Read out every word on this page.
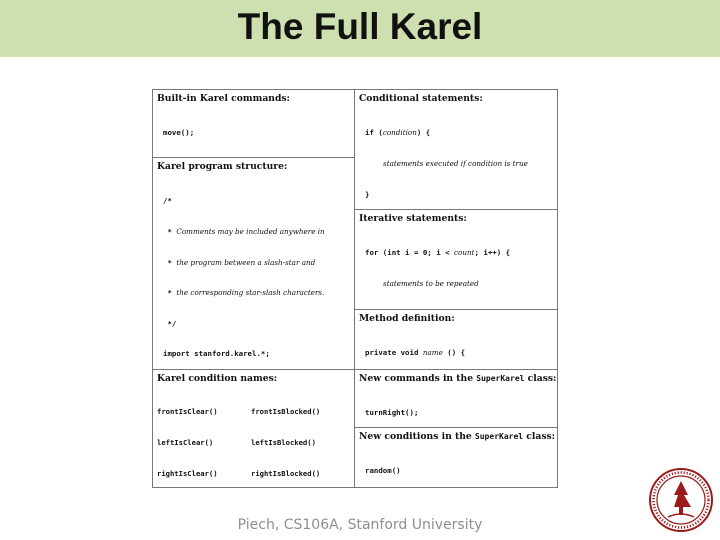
The Full Karel
Built-in Karel commands:

move();

Karel program structure:

/*

* Comments may be included anywhere in

* the program between a slash-star and

* the corresponding star-slash characters.

*/

import stanford.karel.*;

Karel condition names:

frontIsClear()

leftIsClear()

rightIsClear()

frontIsBlocked()

leftIsBlocked()

rightIsBlocked()

Conditional statements:

if (condition) {

statements executed if condition is true

}

Iterative statements:

for (int i = 0; i < count; i++) {

statements to be repeated

Method definition:

private void name () {

New commands in the SuperKarel class:

turnRight();

New conditions in the SuperKarel class:

random()

Piech, CS106A, Stanford University
